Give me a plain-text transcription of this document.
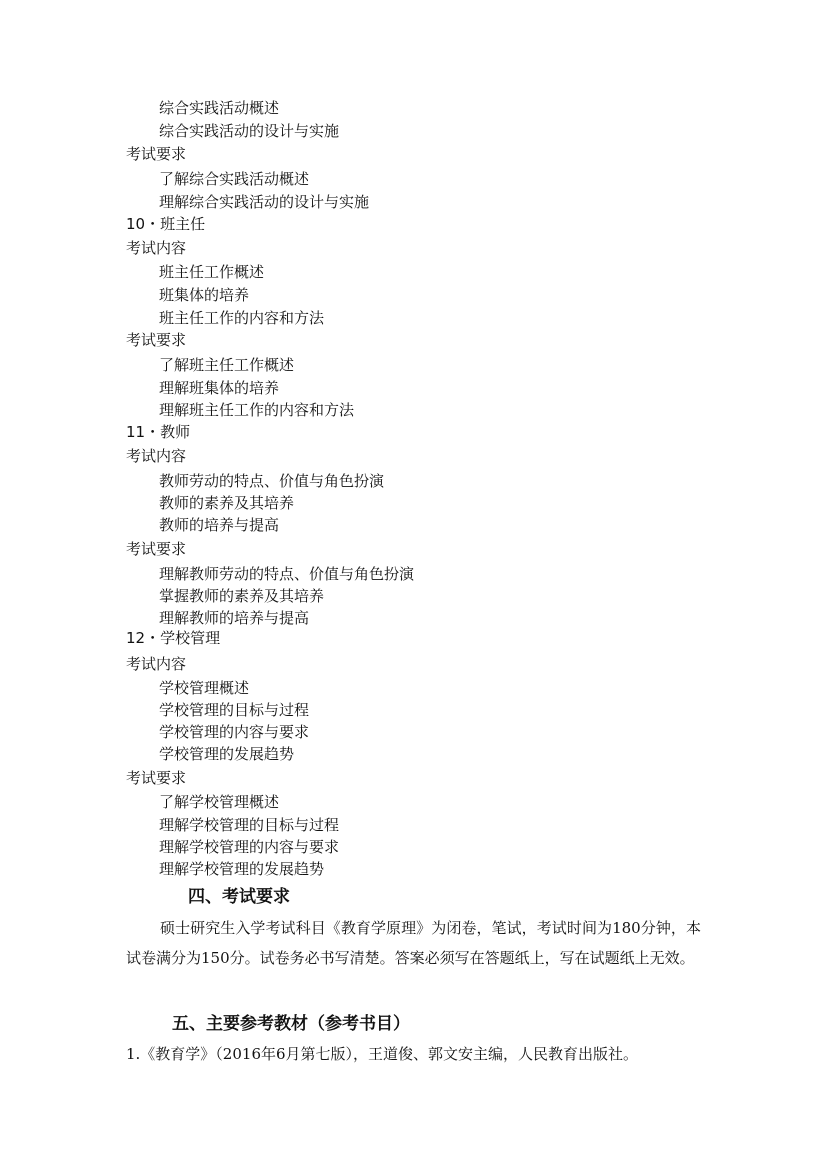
综合实践活动概述
综合实践活动的设计与实施
考试要求
了解综合实践活动概述
理解综合实践活动的设计与实施
10・班主任
考试内容
班主任工作概述
班集体的培养
班主任工作的内容和方法
考试要求
了解班主任工作概述
理解班集体的培养
理解班主任工作的内容和方法
11・教师
考试内容
教师劳动的特点、价值与角色扮演
教师的素养及其培养
教师的培养与提高
考试要求
理解教师劳动的特点、价值与角色扮演
掌握教师的素养及其培养
理解教师的培养与提高
12・学校管理
考试内容
学校管理概述
学校管理的目标与过程
学校管理的内容与要求
学校管理的发展趋势
考试要求
了解学校管理概述
理解学校管理的目标与过程
理解学校管理的内容与要求
理解学校管理的发展趋势
四、考试要求
硕士研究生入学考试科目《教育学原理》为闭卷，笔试，考试时间为180分钟，本试卷满分为150分。试卷务必书写清楚。答案必须写在答题纸上，写在试题纸上无效。
五、主要参考教材（参考书目）
1.《教育学》（2016年6月第七版），王道俊、郭文安主编，人民教育出版社。
